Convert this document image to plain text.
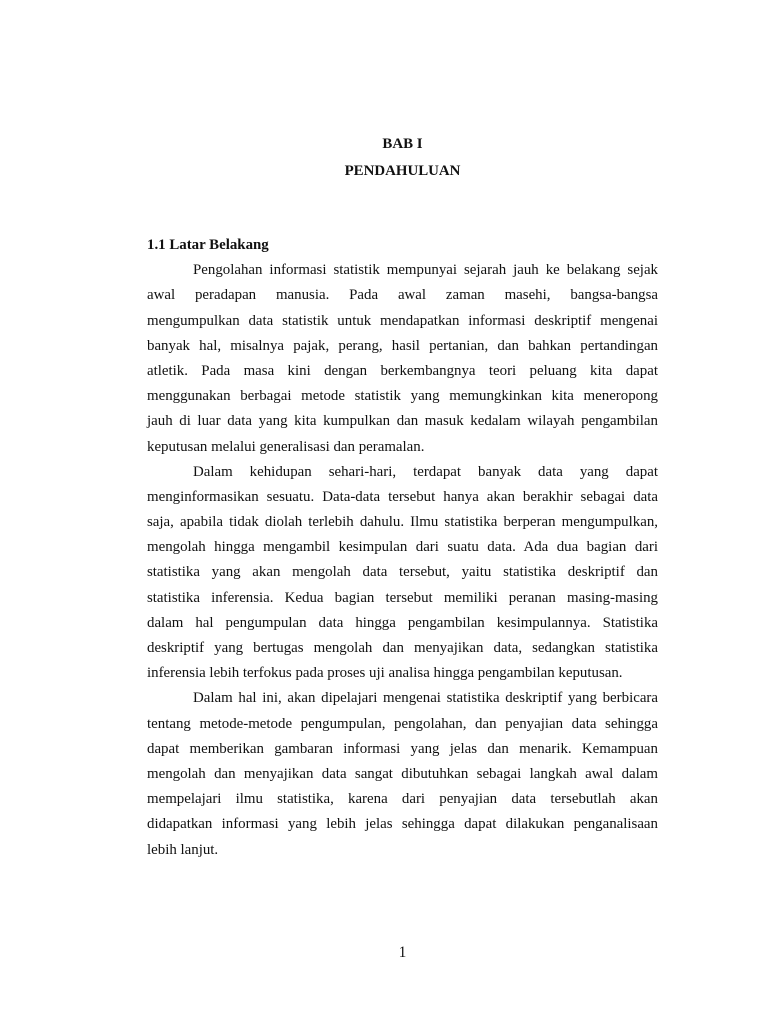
BAB I
PENDAHULUAN
1.1 Latar Belakang
Pengolahan informasi statistik mempunyai sejarah jauh ke belakang sejak
awal peradapan manusia. Pada awal zaman masehi, bangsa-bangsa
mengumpulkan data statistik untuk mendapatkan informasi deskriptif mengenai
banyak hal, misalnya pajak, perang, hasil pertanian, dan bahkan pertandingan
atletik. Pada masa kini dengan berkembangnya teori peluang kita dapat
menggunakan berbagai metode statistik yang memungkinkan kita meneropong
jauh di luar data yang kita kumpulkan dan masuk kedalam wilayah pengambilan
keputusan melalui generalisasi dan peramalan.
Dalam kehidupan sehari-hari, terdapat banyak data yang dapat
menginformasikan sesuatu. Data-data tersebut hanya akan berakhir sebagai data
saja, apabila tidak diolah terlebih dahulu. Ilmu statistika berperan mengumpulkan,
mengolah hingga mengambil kesimpulan dari suatu data. Ada dua bagian dari
statistika yang akan mengolah data tersebut, yaitu statistika deskriptif dan
statistika inferensia. Kedua bagian tersebut memiliki peranan masing-masing
dalam hal pengumpulan data hingga pengambilan kesimpulannya. Statistika
deskriptif yang bertugas mengolah dan menyajikan data, sedangkan statistika
inferensia lebih terfokus pada proses uji analisa hingga pengambilan keputusan.
Dalam hal ini, akan dipelajari mengenai statistika deskriptif yang berbicara
tentang metode-metode pengumpulan, pengolahan, dan penyajian data sehingga
dapat memberikan gambaran informasi yang jelas dan menarik. Kemampuan
mengolah dan menyajikan data sangat dibutuhkan sebagai langkah awal dalam
mempelajari ilmu statistika, karena dari penyajian data tersebutlah akan
didapatkan informasi yang lebih jelas sehingga dapat dilakukan penganalisaan
lebih lanjut.
1
